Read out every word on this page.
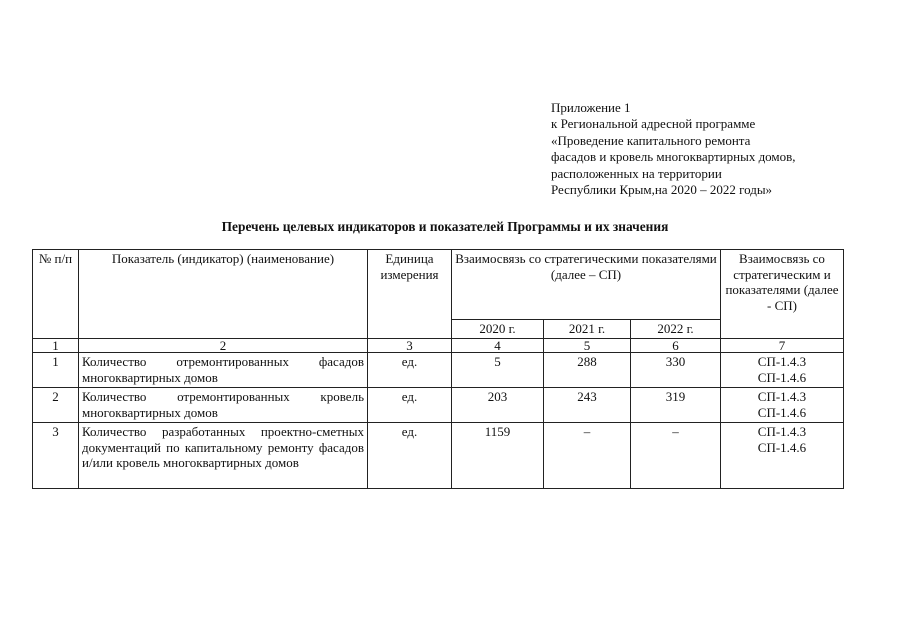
Приложение 1
к Региональной адресной программе
«Проведение капитального ремонта
фасадов и кровель многоквартирных домов,
расположенных на территории
Республики Крым,на 2020 – 2022 годы»
Перечень целевых индикаторов и показателей Программы и их значения
№ п/п	Показатель (индикатор) (наименование)	Единица измерения	Взаимосвязь со стратегическими показателями (далее – СП)			Взаимосвязь со стратегическим и показателями (далее - СП)
			2020 г.	2021 г.	2022 г.	
1	2	3	4	5	6	7
1	Количество отремонтированных фасадов многоквартирных домов	ед.	5	288	330	СП-1.4.3
СП-1.4.6

2	Количество отремонтированных кровель многоквартирных домов	ед.	203	243	319	СП-1.4.3
СП-1.4.6

3	Количество разработанных проектно-сметных документаций по капитальному ремонту фасадов и/или кровель многоквартирных домов	ед.	1159	–	–	СП-1.4.3
СП-1.4.6
